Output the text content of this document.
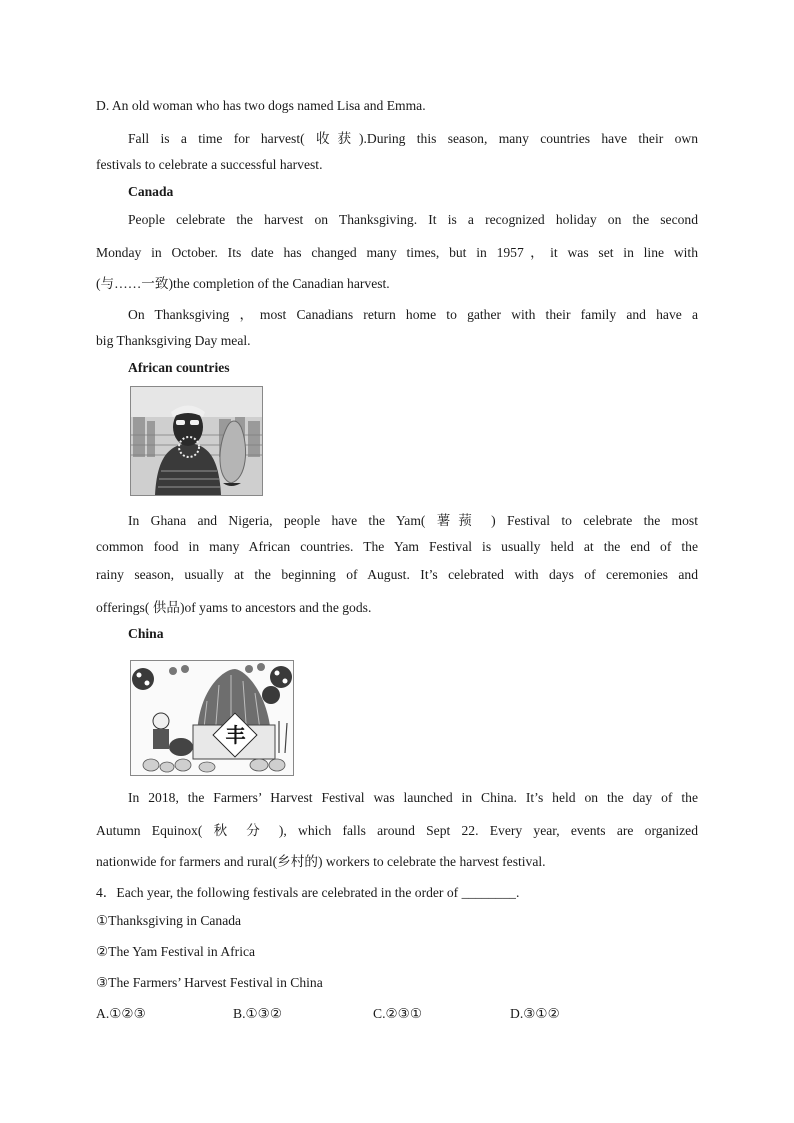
D. An old woman who has two dogs named Lisa and Emma.
Fall is a time for harvest( 收获).During this season, many countries have their own
festivals to celebrate a successful harvest.
Canada
People celebrate the harvest on Thanksgiving. It is a recognized holiday on the second
Monday in October. Its date has changed many times, but in 1957，it was set in line with
(与……一致)the completion of the Canadian harvest.
On Thanksgiving ，most Canadians return home to gather with their family and have a
big Thanksgiving Day meal.
African countries
In Ghana and Nigeria, people have the Yam( 薯蓣 ) Festival to celebrate the most
common food in many African countries. The Yam Festival is usually held at the end of the
rainy season, usually at the beginning of August. It’s celebrated with days of ceremonies and
offerings( 供品)of yams to ancestors and the gods.
China
丰
In 2018, the Farmers’ Harvest Festival was launched in China. It’s held on the day of the
Autumn Equinox( 秋 分 ), which falls around Sept 22. Every year, events are organized
nationwide for farmers and rural(乡村的) workers to celebrate the harvest festival.
4．Each year, the following festivals are celebrated in the order of ________.
①Thanksgiving in Canada
②The Yam Festival in Africa
③The Farmers’ Harvest Festival in China
A.①②③	B.①③②	C.②③①	D.③①②
